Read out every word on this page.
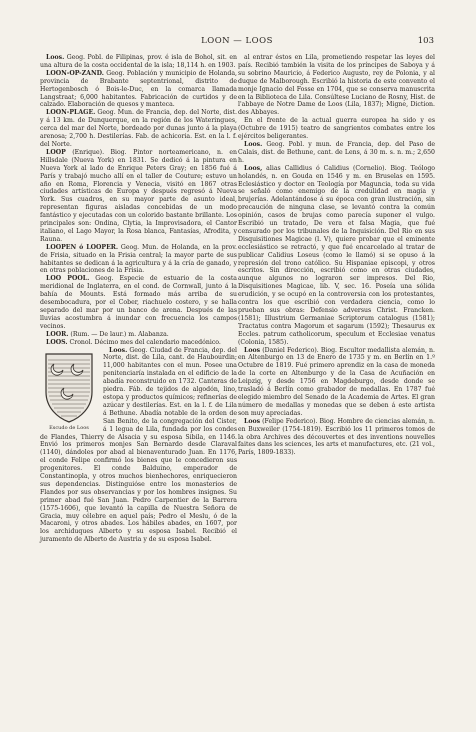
LOON — LOOS	103

Loos. Geog. Pobl. de Filipinas, prov. é isla de Bohol, sit. en una altura de la costa occidental de la isla; 18,114 h. en 1903.

LOON-OP-ZAND. Geog. Población y municipio de Holanda, provincia de Brabante septentrional, distrito de Hertogenbosch ó Bois-le-Duc, en la comarca llamada Langstraat; 6,000 habitantes. Fabricación de curtidos y de calzado. Elaboración de quesos y manteca.

LOON-PLAGE. Geog. Mun. de Francia, dep. del Norte, dist. y á 13 km. de Dunquerque, en la región de los Wateringues, cerca del mar del Norte, bordeado por dunas junto á la playa arenosa; 2,700 h. Destilerías. Fab. de achicoria. Est. en la l. f. del Norte.

LOOP (Enrique). Biog. Pintor norteamericano, n. en Hillsdale (Nueva York) en 1831. Se dedicó á la pintura en Nueva York al lado de Enrique Peters Gray; en 1856 fué á París y trabajó mucho allí en el taller de Couture; estuvo un año en Roma, Florencia y Venecia, visitó en 1867 otras ciudades artísticas de Europa y después regresó á Nueva York. Sus cuadros, en su mayor parte de asunto ideal, representan figuras aisladas concebidas de un modo fantástico y ejecutadas con un colorido bastante brillante. Los principales son: Ondina, Clytia, la Improvisadora, el Cantor italiano, el Lago Mayor, la Rosa blanca, Fantasías, Afrodita, y Rauna.

LOOPEN ó LOOPER. Geog. Mun. de Holanda, en la prov. de Frisia, situado en la Frisia central; la mayor parte de sus habitantes se dedican á la agricultura y á la cría de ganado, y en otras poblaciones de la Frisia.

LOO POOL. Geog. Especie de estuario de la costa meridional de Inglaterra, en el cond. de Cornwall, junto á la bahía de Mounts. Está formado más arriba de su desembocadura, por el Cober, riachuelo costero, y se halla separado del mar por un banco de arena. Después de las lluvias acostumbra á inundar con frecuencia los campos vecinos.

LOOR. (Rum. — De laur.) m. Alabanza.

LOOS. Cronol. Décimo mes del calendario macedónico.

Escudo de Loos
Loos. Geog. Ciudad de Francia, dep. del Norte, dist. de Lila, cant. de Haubourdin; 11,000 habitantes con el mun. Posee una penitenciaría instalada en el edificio de la abadía reconstruido en 1732. Canteras de piedra. Fáb. de tejidos de algodón, lino, estopa y productos químicos; refinerías de azúcar y destilerías. Est. en la l. f. de Lila á Bethune. Abadía notable de la orden de San Benito, de la congregación del Cister, á 1 legua de Lila, fundada por los condes de Flandes, Thierry de Alsacia y su esposa Sibila, en 1146. Envió los primeros monjes San Bernardo desde Claraval (1140), dándoles por abad al bienaventurado Juan. En 1176, el conde Felipe confirmó los bienes que le concedieron sus progenitores. El conde Balduino, emperador de Constantinopla, y otros muchos bienhechores, enriquecieron sus dependencias. Distinguióse entre los monasterios de Flandes por sus observancias y por los hombres insignes. Su primer abad fué San Juan. Pedro Carpentier de la Barrera (1575-1606), que levantó la capilla de Nuestra Señora de Gracia, muy célebre en aquel país; Pedro el Meslu, ó de la Macaroni, y otros abades. Los hábiles abades, en 1607, por los archiduques Alberto y su esposa Isabel. Recibió el juramento de Alberto de Austria y de su esposa Isabel.

al entrar éstos en Lila, prometiendo respetar las leyes del país. Recibió también la visita de los príncipes de Saboya y á su sobrino Mauricio, á Federico Augusto, rey de Polonia, y al duque de Malborough. Escribió la historia de este convento el monje Ignacio del Fosse en 1704, que se conserva manuscrita en la Biblioteca de Lila. Consúltese Luciano de Rosny, Hist. de l'abbaye de Notre Dame de Loos (Lila, 1837); Migne, Diction. des Abbayes.

En el frente de la actual guerra europea ha sido y es (Octubre de 1915) teatro de sangrientos combates entre los ejércitos beligerantes.

Loos. Geog. Pobl. y mun. de Francia, dep. del Paso de Calais, dist. de Bethune, cant. de Lens, á 30 m. s. n. m.; 2,650 h.

Loos, alias Callidius ó Calidius (Cornelio). Biog. Teólogo holandés, n. en Gouda en 1546 y m. en Bruselas en 1595. Eclesiástico y doctor en Teología por Maguncia, toda su vida se señaló como enemigo de la credulidad en magia y brujerías. Adelantándose á su época con gran ilustración, sin precaución de ninguna clase, se levantó contra la común opinión, casos de brujas como parecía suponer el vulgo. Escribió un tratado, De vera et falsa Magia, que fué censurado por los tribunales de la Inquisición. Del Rio en sus Disquisitiones Magicae (l. V), quiere probar que el eminente ecclesiástico se retractó, y que fué encarcelado al tratar de publicar Calidius Loseus (como le llamó) si se opuso á la represión del trono católico. Su Hispaniae episcopi, y otros escritos. Sin dirección, escribió como en otras ciudades, aunque algunos no lograron ser impresos. Del Rio, Disquisitiones Magicae, lib. V, sec. 16. Poseía una sólida erudición, y se ocupó en la controversia con los protestantes, contra los que escribió con verdadera ciencia, como lo prueban sus obras: Defensio adversus Christ. Francken. (1581); Illustrium Germaniae Scriptorum catalogus (1581); Tractatus contra Magorum et sagarum (1592); Thesaurus ex Eccles. patrum catholicorum, speculum et Ecclesiae venatus (Colonia, 1585).

Loos (Daniel Federico). Biog. Escultor medallista alemán, n. en Altenburgo en 13 de Enero de 1735 y m. en Berlín en 1.º Octubre de 1819. Fué primero aprendiz en la casa de moneda de la corte en Altenburgo y de la Casa de Acuñación en Leipzig, y desde 1756 en Magdeburgo, desde donde se trasladó á Berlín como grabador de medallas. En 1787 fué elegido miembro del Senado de la Academia de Artes. El gran número de medallas y monedas que se deben á este artista son muy apreciadas.

Loos (Felipe Federico). Biog. Hombre de ciencias alemán, n. en Buxweiler (1754-1819). Escribió los 11 primeros tomos de la obra Archives des découvertes et des inventions nouvelles faites dans les sciences, les arts et manufactures, etc. (21 vol., París, 1809-1833).
